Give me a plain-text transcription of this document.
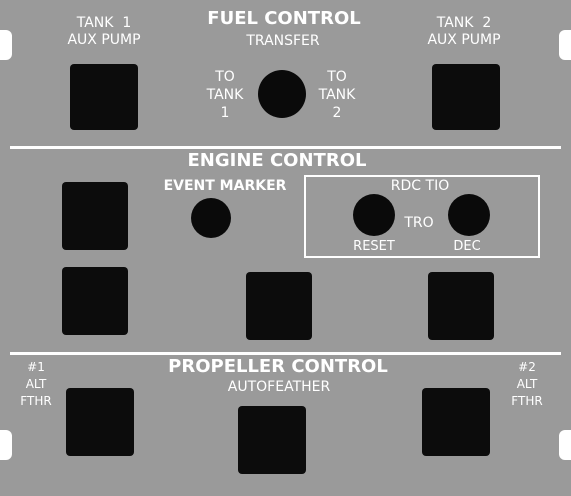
FUEL CONTROL
TRANSFER
TANK  1
AUX PUMP
TO
TANK
1
TO
TANK
2
TANK  2
AUX PUMP
ENGINE CONTROL
EVENT MARKER	RDC TIO
TRO
RESET	DEC
PROPELLER CONTROL
AUTOFEATHER
#1
ALT
FTHR
#2
ALT
FTHR
